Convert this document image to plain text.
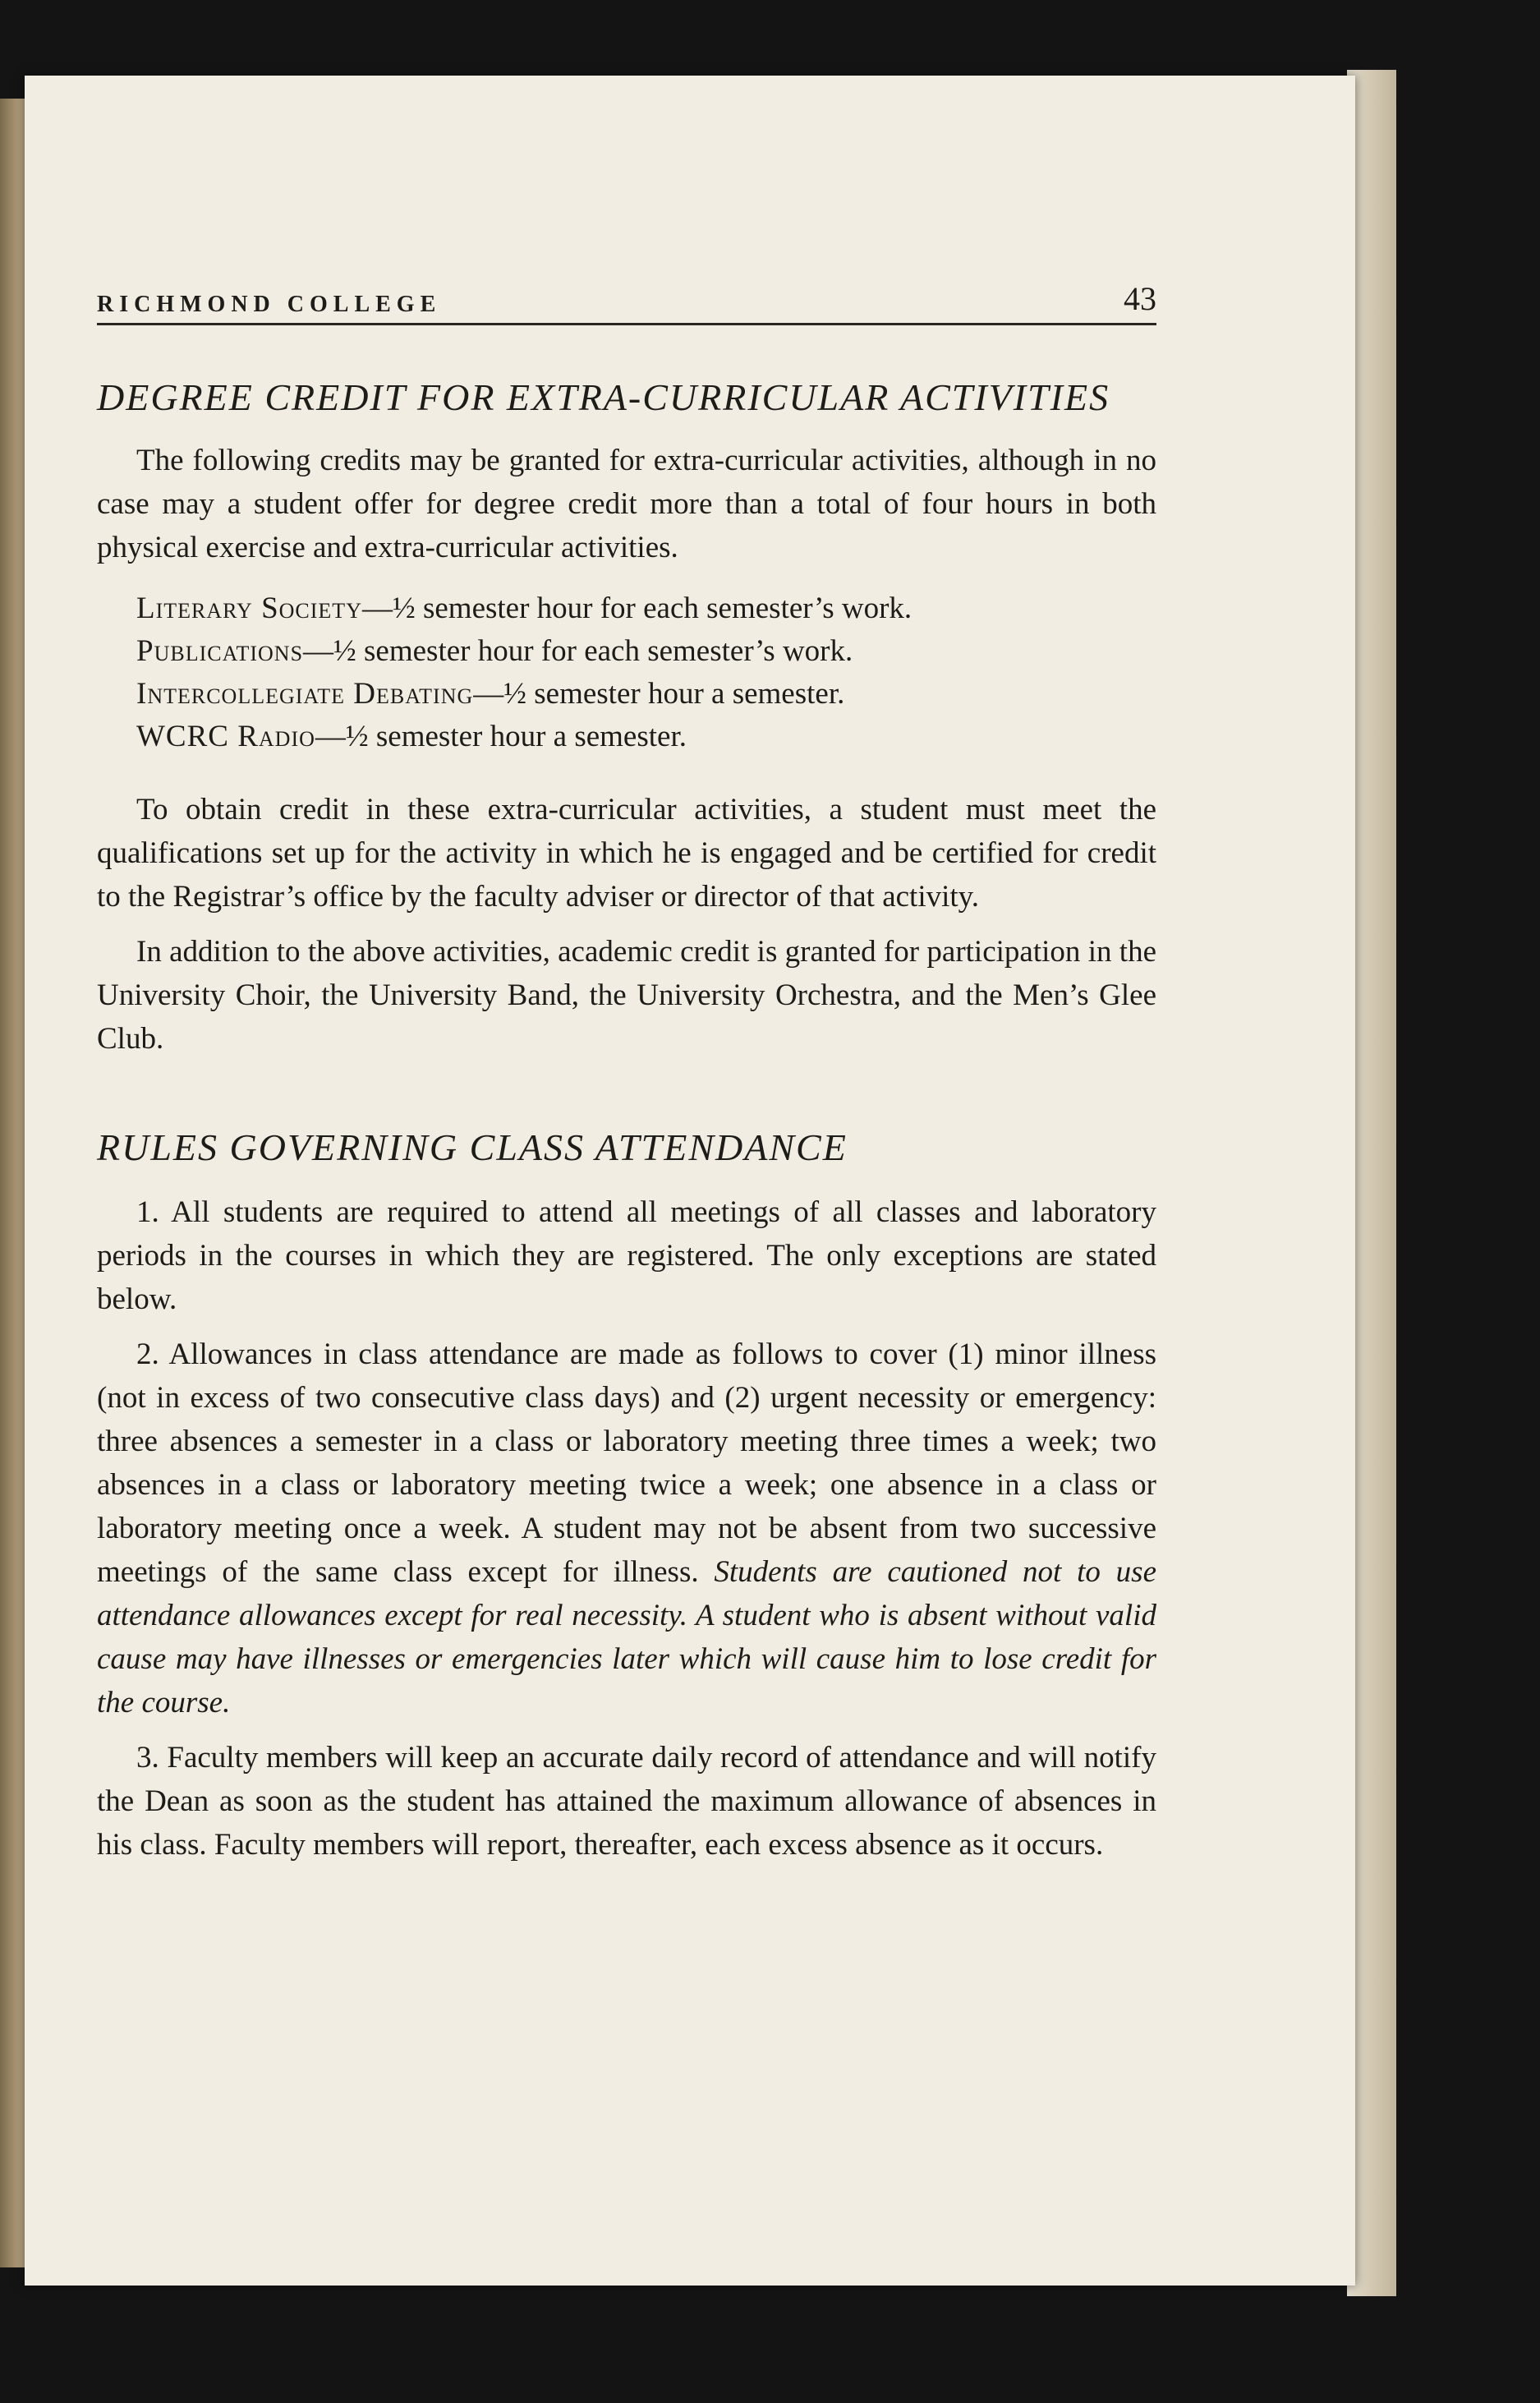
RICHMOND COLLEGE	43
DEGREE CREDIT FOR EXTRA-CURRICULAR ACTIVITIES

The following credits may be granted for extra-curricular activities, although in no case may a student offer for degree credit more than a total of four hours in both physical exercise and extra-curricular activities.

Literary Society—½ semester hour for each semester’s work.
Publications—½ semester hour for each semester’s work.
Intercollegiate Debating—½ semester hour a semester.
WCRC Radio—½ semester hour a semester.

To obtain credit in these extra-curricular activities, a student must meet the qualifications set up for the activity in which he is engaged and be certified for credit to the Registrar’s office by the faculty adviser or director of that activity.

In addition to the above activities, academic credit is granted for participation in the University Choir, the University Band, the University Orchestra, and the Men’s Glee Club.

RULES GOVERNING CLASS ATTENDANCE

1. All students are required to attend all meetings of all classes and laboratory periods in the courses in which they are registered. The only exceptions are stated below.

2. Allowances in class attendance are made as follows to cover (1) minor illness (not in excess of two consecutive class days) and (2) urgent necessity or emergency: three absences a semester in a class or laboratory meeting three times a week; two absences in a class or laboratory meeting twice a week; one absence in a class or laboratory meeting once a week. A student may not be absent from two successive meetings of the same class except for illness. Students are cautioned not to use attendance allowances except for real necessity. A student who is absent without valid cause may have illnesses or emergencies later which will cause him to lose credit for the course.

3. Faculty members will keep an accurate daily record of attendance and will notify the Dean as soon as the student has attained the maximum allowance of absences in his class. Faculty members will report, thereafter, each excess absence as it occurs.
